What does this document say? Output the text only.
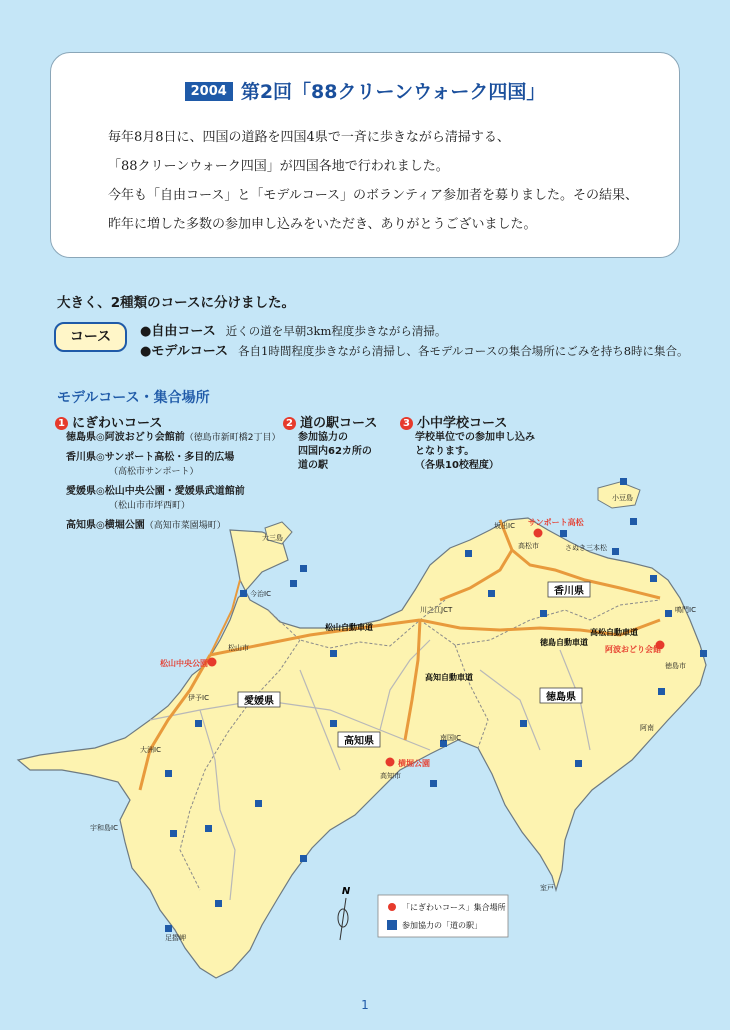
2004 第2回「88クリーンウォーク四国」
毎年8月8日に、四国の道路を四国4県で一斉に歩きながら清掃する、
「88クリーンウォーク四国」が四国各地で行われました。
今年も「自由コース」と「モデルコース」のボランティア参加者を募りました。その結果、
昨年に増した多数の参加申し込みをいただき、ありがとうございました。
大きく、2種類のコースに分けました。
コース	●自由コース 近くの道を早朝3km程度歩きながら清掃。
●モデルコース 各自1時間程度歩きながら清掃し、各モデルコースの集合場所にごみを持ち8時に集合。
モデルコース・集合場所
1 にぎわいコース
徳島県◎阿波おどり会館前（徳島市新町橋2丁目）
香川県◎サンポート高松・多目的広場
（高松市サンポート）
愛媛県◎松山中央公園・愛媛県武道館前
（松山市市坪西町）
高知県◎横堀公園（高知市菜園場町）
2 道の駅コース
参加協力の
四国内62カ所の
道の駅
3 小中学校コース
学校単位での参加申し込み
となります。
（各県10校程度）
香川県
徳島県
高知県
愛媛県
高松自動車道
徳島自動車道
松山自動車道
高知自動車道
サンポート高松
阿波おどり会館
松山中央公園
横堀公園
坂出IC
高松市	さぬき三本松
小豆島
大三島
今治IC
松山市
伊予IC
大洲IC
宇和島IC
川之江JCT
高知市
南国IC
徳島市
鳴門IC
阿南
室戸
足摺岬
N
「にぎわいコース」集合場所
参加協力の「道の駅」
1
